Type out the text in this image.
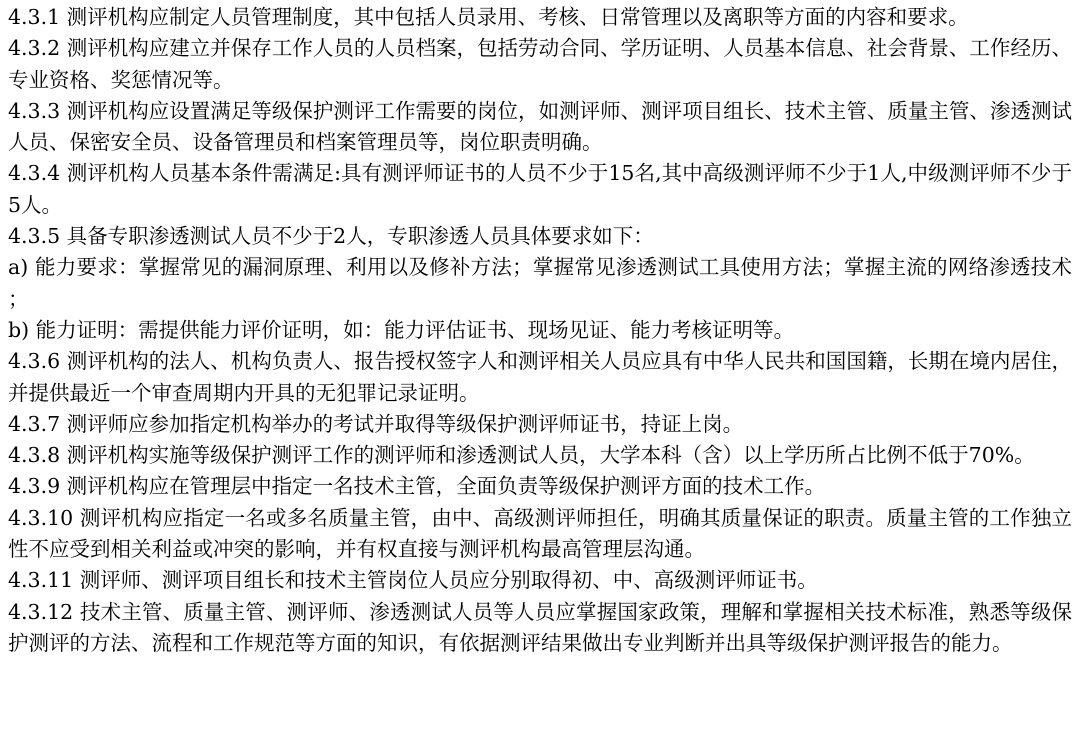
4.3.1 测评机构应制定人员管理制度，其中包括人员录用、考核、日常管理以及离职等方面的内容和要求。

4.3.2 测评机构应建立并保存工作人员的人员档案，包括劳动合同、学历证明、人员基本信息、社会背景、工作经历、专业资格、奖惩情况等。

4.3.3 测评机构应设置满足等级保护测评工作需要的岗位，如测评师、测评项目组长、技术主管、质量主管、渗透测试人员、保密安全员、设备管理员和档案管理员等，岗位职责明确。

4.3.4 测评机构人员基本条件需满足:具有测评师证书的人员不少于15名,其中高级测评师不少于1人,中级测评师不少于5人。

4.3.5 具备专职渗透测试人员不少于2人，专职渗透人员具体要求如下：

a) 能力要求：掌握常见的漏洞原理、利用以及修补方法；掌握常见渗透测试工具使用方法；掌握主流的网络渗透技术；

b) 能力证明：需提供能力评价证明，如：能力评估证书、现场见证、能力考核证明等。

4.3.6 测评机构的法人、机构负责人、报告授权签字人和测评相关人员应具有中华人民共和国国籍，长期在境内居住，并提供最近一个审查周期内开具的无犯罪记录证明。

4.3.7 测评师应参加指定机构举办的考试并取得等级保护测评师证书，持证上岗。

4.3.8 测评机构实施等级保护测评工作的测评师和渗透测试人员，大学本科（含）以上学历所占比例不低于70%。

4.3.9 测评机构应在管理层中指定一名技术主管，全面负责等级保护测评方面的技术工作。

4.3.10 测评机构应指定一名或多名质量主管，由中、高级测评师担任，明确其质量保证的职责。质量主管的工作独立性不应受到相关利益或冲突的影响，并有权直接与测评机构最高管理层沟通。

4.3.11 测评师、测评项目组长和技术主管岗位人员应分别取得初、中、高级测评师证书。

4.3.12 技术主管、质量主管、测评师、渗透测试人员等人员应掌握国家政策，理解和掌握相关技术标准，熟悉等级保护测评的方法、流程和工作规范等方面的知识，有依据测评结果做出专业判断并出具等级保护测评报告的能力。
